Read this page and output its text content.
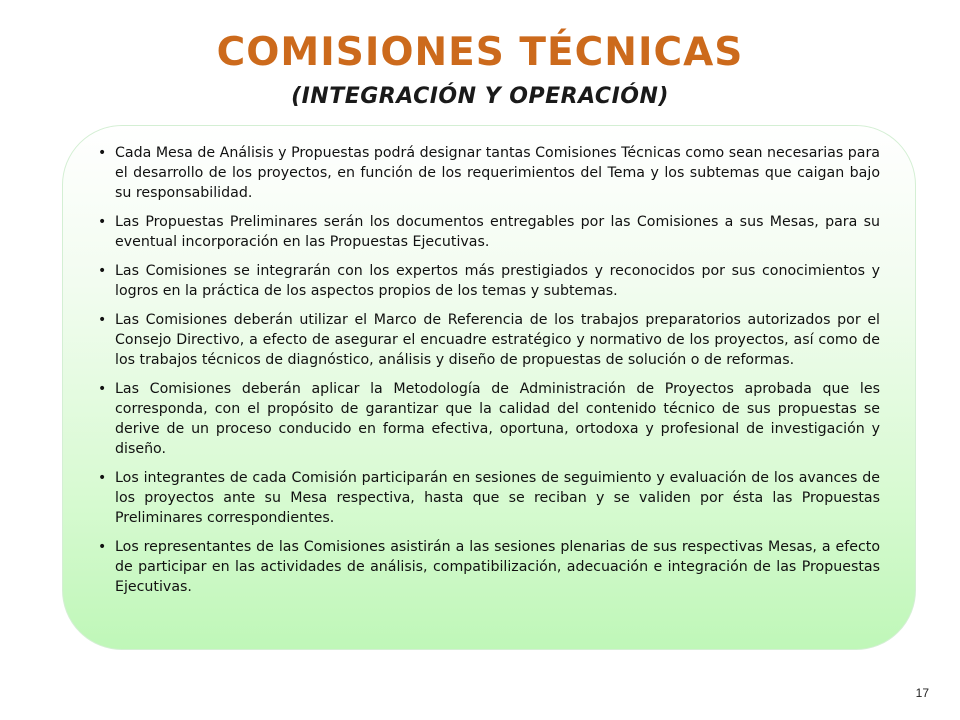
COMISIONES TÉCNICAS
(INTEGRACIÓN Y OPERACIÓN)
• Cada Mesa de Análisis y Propuestas podrá designar tantas Comisiones Técnicas como sean necesarias para el desarrollo de los proyectos, en función de los requerimientos del Tema y los subtemas que caigan bajo su responsabilidad.
• Las Propuestas Preliminares serán los documentos entregables por las Comisiones a sus Mesas, para su eventual incorporación en las Propuestas Ejecutivas.
• Las Comisiones se integrarán con los expertos más prestigiados y reconocidos por sus conocimientos y logros en la práctica de los aspectos propios de los temas y subtemas.
• Las Comisiones deberán utilizar el Marco de Referencia de los trabajos preparatorios autorizados por el Consejo Directivo, a efecto de asegurar el encuadre estratégico y normativo de los proyectos, así como de los trabajos técnicos de diagnóstico, análisis y diseño de propuestas de solución o de reformas.
• Las Comisiones deberán aplicar la Metodología de Administración de Proyectos aprobada que les corresponda, con el propósito de garantizar que la calidad del contenido técnico de sus propuestas se derive de un proceso conducido en forma efectiva, oportuna, ortodoxa y profesional de investigación y diseño.
• Los integrantes de cada Comisión participarán en sesiones de seguimiento y evaluación de los avances de los proyectos ante su Mesa respectiva, hasta que se reciban y se validen por ésta las Propuestas Preliminares correspondientes.
• Los representantes de las Comisiones asistirán a las sesiones plenarias de sus respectivas Mesas, a efecto de participar en las actividades de análisis, compatibilización, adecuación e integración de las Propuestas Ejecutivas.
17
